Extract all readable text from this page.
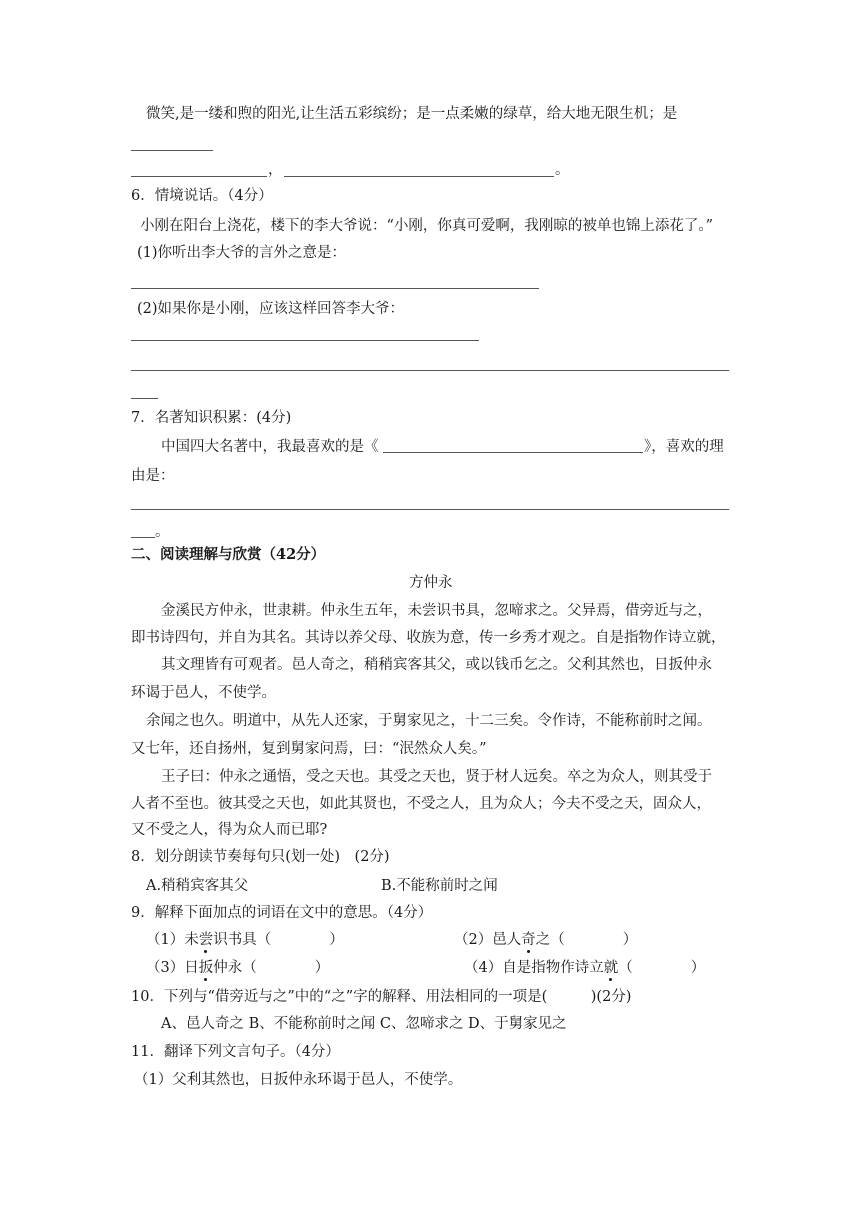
微笑,是一缕和煦的阳光,让生活五彩缤纷；是一点柔嫩的绿草，给大地无限生机；是
，	。
6．情境说话。（4分）
小刚在阳台上浇花，楼下的李大爷说：“小刚，你真可爱啊，我刚晾的被单也锦上添花了。”
(1)你听出李大爷的言外之意是：
(2)如果你是小刚，应该这样回答李大爷：
7．名著知识积累：(4分)
中国四大名著中，我最喜欢的是《	》，喜欢的理
由是：
。
二、阅读理解与欣赏（42分）
方仲永
金溪民方仲永，世隶耕。仲永生五年，未尝识书具，忽啼求之。父异焉，借旁近与之，
即书诗四句，并自为其名。其诗以养父母、收族为意，传一乡秀才观之。自是指物作诗立就，
其文理皆有可观者。邑人奇之，稍稍宾客其父，或以钱币乞之。父利其然也，日扳仲永
环谒于邑人，不使学。
余闻之也久。明道中，从先人还家，于舅家见之，十二三矣。令作诗，不能称前时之闻。
又七年，还自扬州，复到舅家问焉，曰：“泯然众人矣。”
王子曰：仲永之通悟，受之天也。其受之天也，贤于材人远矣。卒之为众人，则其受于
人者不至也。彼其受之天也，如此其贤也，不受之人，且为众人；今夫不受之天，固众人，
又不受之人，得为众人而已耶?
8．划分朗读节奏每句只(划一处)　(2分)
A.稍稍宾客其父	B.不能称前时之闻
9．解释下面加点的词语在文中的意思。（4分）
（1）未尝
识书具（　　　　）	（2）邑人奇
之（　　　　）
（3）日扳
仲永（　　　　）	（4）自是指物作诗立就
（　　　　）
10．下列与“借旁近与之”中的“之”字的解释、用法相同的一项是(　　　)(2分)
A、邑人奇之 B、不能称前时之闻 C、忽啼求之 D、于舅家见之
11．翻译下列文言句子。（4分）
（1）父利其然也，日扳仲永环谒于邑人，不使学。
